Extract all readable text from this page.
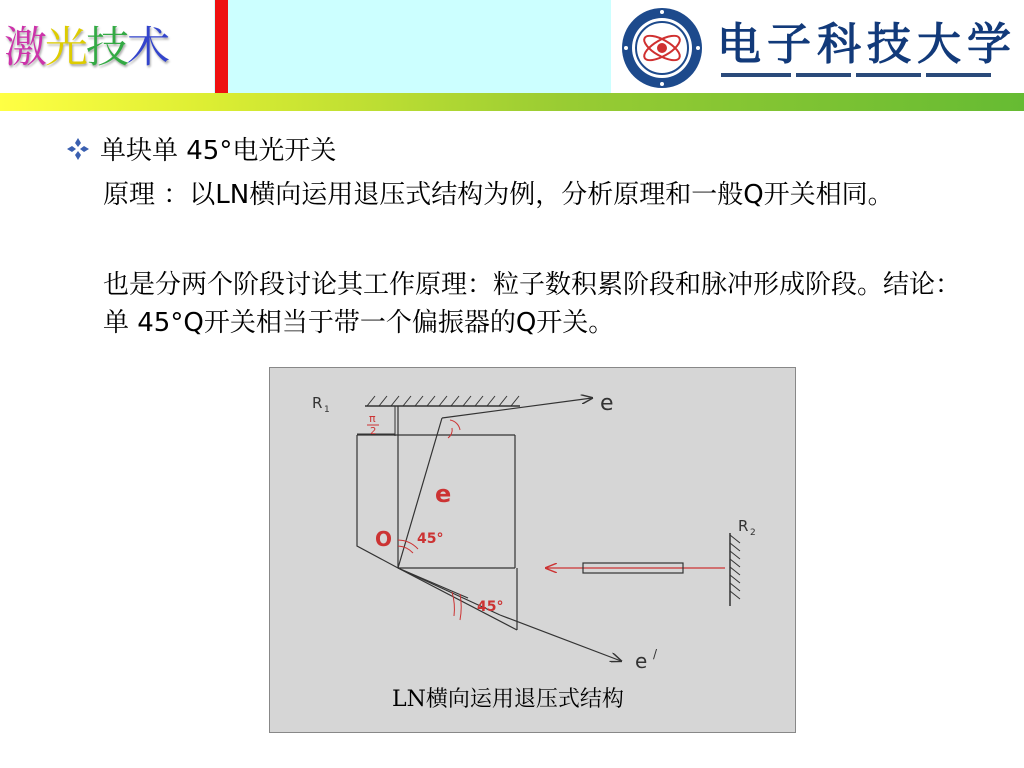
激光技术	电子科技大学
单块单 45°电光开关
原理 ：以LN横向运用退压式结构为例，分析原理和一般Q开关相同。
也是分两个阶段讨论其工作原理：粒子数积累阶段和脉冲形成阶段。结论：单 45°Q开关相当于带一个偏振器的Q开关。
R 1
π
2
e
e
O 45°
45°
R 2
e /
LN横向运用退压式结构
